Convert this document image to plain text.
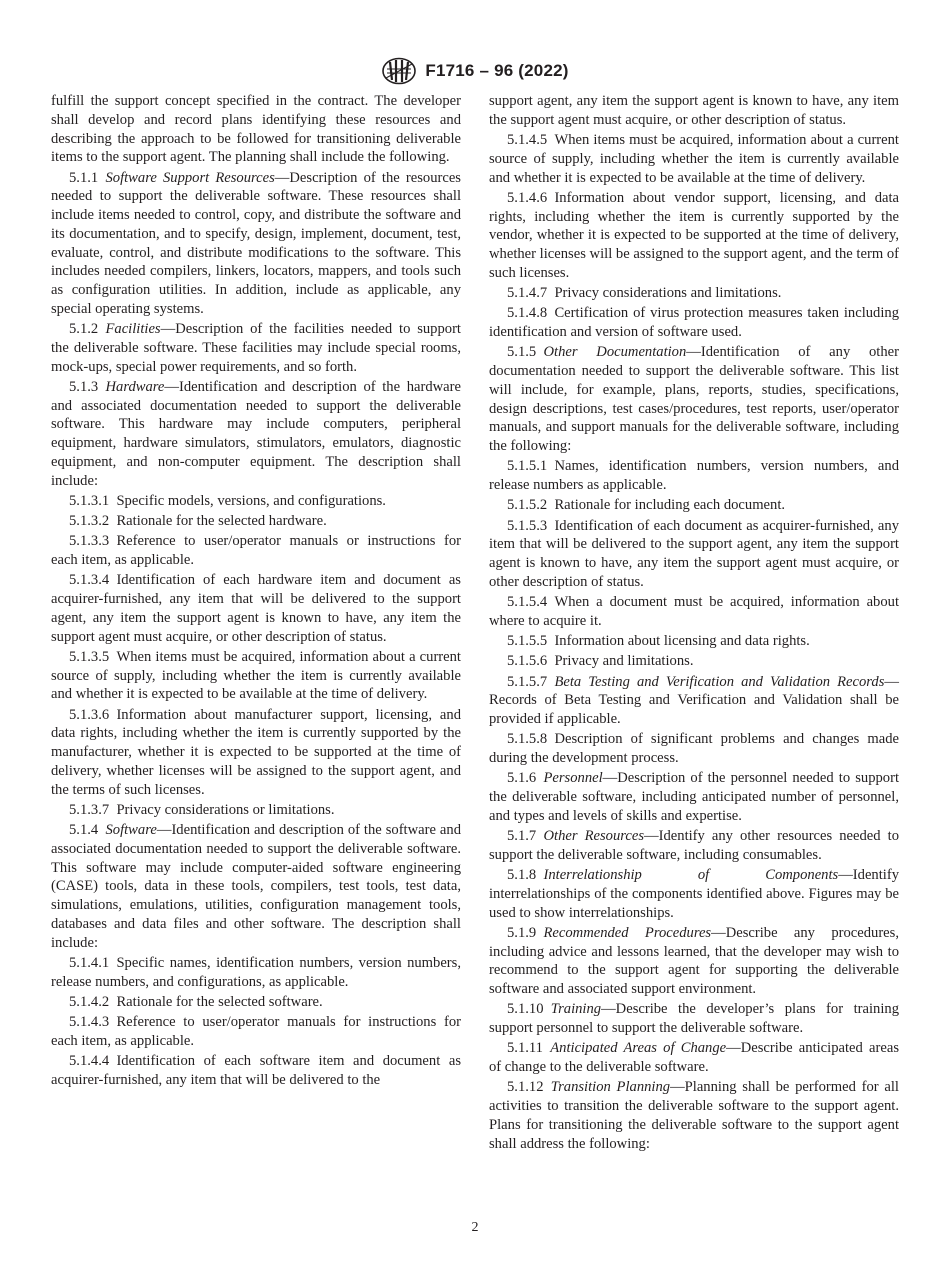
F1716 – 96 (2022)

fulfill the support concept specified in the contract. The developer shall develop and record plans identifying these resources and describing the approach to be followed for transitioning deliverable items to the support agent. The planning shall include the following.

5.1.1  Software Support Resources—Description of the resources needed to support the deliverable software. These resources shall include items needed to control, copy, and distribute the software and its documentation, and to specify, design, implement, document, test, evaluate, control, and distribute modifications to the software. This includes needed compilers, linkers, locators, mappers, and tools such as configuration utilities. In addition, include as applicable, any special operating systems.

5.1.2  Facilities—Description of the facilities needed to support the deliverable software. These facilities may include special rooms, mock-ups, special power requirements, and so forth.

5.1.3  Hardware—Identification and description of the hardware and associated documentation needed to support the deliverable software. This hardware may include computers, peripheral equipment, hardware simulators, stimulators, emulators, diagnostic equipment, and non-computer equipment. The description shall include:

5.1.3.1  Specific models, versions, and configurations.

5.1.3.2  Rationale for the selected hardware.

5.1.3.3  Reference to user/operator manuals or instructions for each item, as applicable.

5.1.3.4  Identification of each hardware item and document as acquirer-furnished, any item that will be delivered to the support agent, any item the support agent is known to have, any item the support agent must acquire, or other description of status.

5.1.3.5  When items must be acquired, information about a current source of supply, including whether the item is currently available and whether it is expected to be available at the time of delivery.

5.1.3.6  Information about manufacturer support, licensing, and data rights, including whether the item is currently supported by the manufacturer, whether it is expected to be supported at the time of delivery, whether licenses will be assigned to the support agent, and the terms of such licenses.

5.1.3.7  Privacy considerations or limitations.

5.1.4  Software—Identification and description of the software and associated documentation needed to support the deliverable software. This software may include computer-aided software engineering (CASE) tools, data in these tools, compilers, test tools, test data, simulations, emulations, utilities, configuration management tools, databases and data files and other software. The description shall include:

5.1.4.1  Specific names, identification numbers, version numbers, release numbers, and configurations, as applicable.

5.1.4.2  Rationale for the selected software.

5.1.4.3  Reference to user/operator manuals for instructions for each item, as applicable.

5.1.4.4  Identification of each software item and document as acquirer-furnished, any item that will be delivered to the

support agent, any item the support agent is known to have, any item the support agent must acquire, or other description of status.

5.1.4.5  When items must be acquired, information about a current source of supply, including whether the item is currently available and whether it is expected to be available at the time of delivery.

5.1.4.6  Information about vendor support, licensing, and data rights, including whether the item is currently supported by the vendor, whether it is expected to be supported at the time of delivery, whether licenses will be assigned to the support agent, and the term of such licenses.

5.1.4.7  Privacy considerations and limitations.

5.1.4.8  Certification of virus protection measures taken including identification and version of software used.

5.1.5  Other Documentation—Identification of any other documentation needed to support the deliverable software. This list will include, for example, plans, reports, studies, specifications, design descriptions, test cases/procedures, test reports, user/operator manuals, and support manuals for the deliverable software, including the following:

5.1.5.1  Names, identification numbers, version numbers, and release numbers as applicable.

5.1.5.2  Rationale for including each document.

5.1.5.3  Identification of each document as acquirer-furnished, any item that will be delivered to the support agent, any item the support agent is known to have, any item the support agent must acquire, or other description of status.

5.1.5.4  When a document must be acquired, information about where to acquire it.

5.1.5.5  Information about licensing and data rights.

5.1.5.6  Privacy and limitations.

5.1.5.7  Beta Testing and Verification and Validation Records—Records of Beta Testing and Verification and Validation shall be provided if applicable.

5.1.5.8  Description of significant problems and changes made during the development process.

5.1.6  Personnel—Description of the personnel needed to support the deliverable software, including anticipated number of personnel, and types and levels of skills and expertise.

5.1.7  Other Resources—Identify any other resources needed to support the deliverable software, including consumables.

5.1.8  Interrelationship of Components—Identify interrelationships of the components identified above. Figures may be used to show interrelationships.

5.1.9  Recommended Procedures—Describe any procedures, including advice and lessons learned, that the developer may wish to recommend to the support agent for supporting the deliverable software and associated support environment.

5.1.10  Training—Describe the developer’s plans for training support personnel to support the deliverable software.

5.1.11  Anticipated Areas of Change—Describe anticipated areas of change to the deliverable software.

5.1.12  Transition Planning—Planning shall be performed for all activities to transition the deliverable software to the support agent. Plans for transitioning the deliverable software to the support agent shall address the following:

2
